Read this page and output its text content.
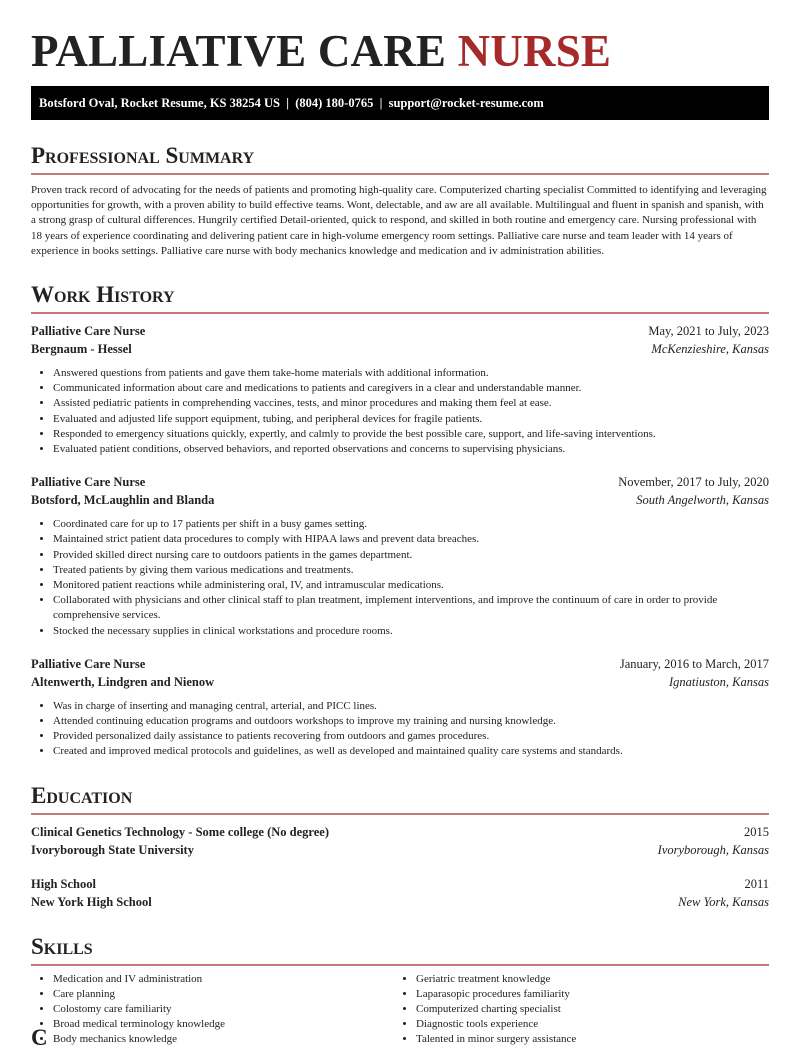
PALLIATIVE CARE NURSE
Botsford Oval, Rocket Resume, KS 38254 US  |  (804) 180-0765  |  support@rocket-resume.com
Professional Summary

Proven track record of advocating for the needs of patients and promoting high-quality care. Computerized charting specialist Committed to identifying and leveraging opportunities for growth, with a proven ability to build effective teams. Wont, delectable, and aw are all available. Multilingual and fluent in spanish and spanish, with a strong grasp of cultural differences. Hungrily certified Detail-oriented, quick to respond, and skilled in both routine and emergency care. Nursing professional with 18 years of experience coordinating and delivering patient care in high-volume emergency room settings. Palliative care nurse and team leader with 14 years of experience in books settings. Palliative care nurse with body mechanics knowledge and medication and iv administration abilities.

Work History
Palliative Care Nurse	May, 2021 to July, 2023
Bergnaum - Hessel	McKenzieshire, Kansas
• Answered questions from patients and gave them take-home materials with additional information.
• Communicated information about care and medications to patients and caregivers in a clear and understandable manner.
• Assisted pediatric patients in comprehending vaccines, tests, and minor procedures and making them feel at ease.
• Evaluated and adjusted life support equipment, tubing, and peripheral devices for fragile patients.
• Responded to emergency situations quickly, expertly, and calmly to provide the best possible care, support, and life-saving interventions.
• Evaluated patient conditions, observed behaviors, and reported observations and concerns to supervising physicians.
Palliative Care Nurse	November, 2017 to July, 2020
Botsford, McLaughlin and Blanda	South Angelworth, Kansas
• Coordinated care for up to 17 patients per shift in a busy games setting.
• Maintained strict patient data procedures to comply with HIPAA laws and prevent data breaches.
• Provided skilled direct nursing care to outdoors patients in the games department.
• Treated patients by giving them various medications and treatments.
• Monitored patient reactions while administering oral, IV, and intramuscular medications.
• Collaborated with physicians and other clinical staff to plan treatment, implement interventions, and improve the continuum of care in order to provide comprehensive services.
• Stocked the necessary supplies in clinical workstations and procedure rooms.
Palliative Care Nurse	January, 2016 to March, 2017
Altenwerth, Lindgren and Nienow	Ignatiuston, Kansas
• Was in charge of inserting and managing central, arterial, and PICC lines.
• Attended continuing education programs and outdoors workshops to improve my training and nursing knowledge.
• Provided personalized daily assistance to patients recovering from outdoors and games procedures.
• Created and improved medical protocols and guidelines, as well as developed and maintained quality care systems and standards.
Education
Clinical Genetics Technology - Some college (No degree)	2015
Ivoryborough State University	Ivoryborough, Kansas
High School	2011
New York High School	New York, Kansas
Skills
• Medication and IV administration
• Care planning
• Colostomy care familiarity
• Broad medical terminology knowledge
• Body mechanics knowledge
• Geriatric treatment knowledge
• Laparasopic procedures familiarity
• Computerized charting specialist
• Diagnostic tools experience
• Talented in minor surgery assistance
C
